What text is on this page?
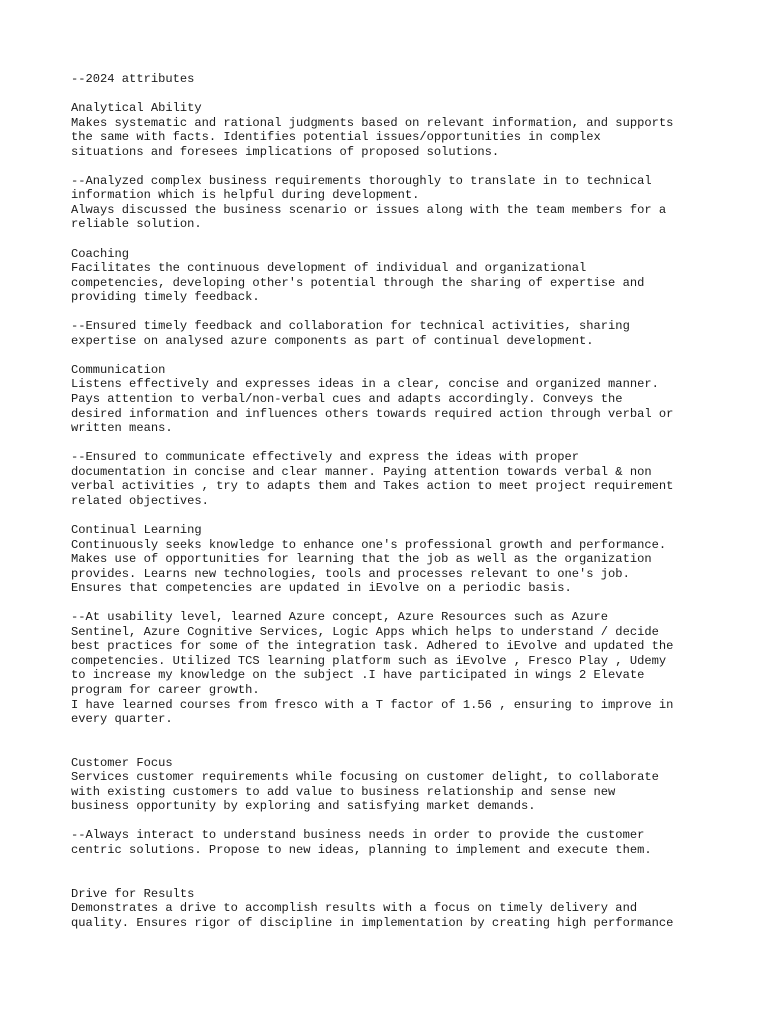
--2024 attributes

Analytical Ability
Makes systematic and rational judgments based on relevant information, and supports
the same with facts. Identifies potential issues/opportunities in complex
situations and foresees implications of proposed solutions.

--Analyzed complex business requirements thoroughly to translate in to technical
information which is helpful during development.
Always discussed the business scenario or issues along with the team members for a
reliable solution.

Coaching
Facilitates the continuous development of individual and organizational
competencies, developing other's potential through the sharing of expertise and
providing timely feedback.

--Ensured timely feedback and collaboration for technical activities, sharing
expertise on analysed azure components as part of continual development.

Communication
Listens effectively and expresses ideas in a clear, concise and organized manner.
Pays attention to verbal/non-verbal cues and adapts accordingly. Conveys the
desired information and influences others towards required action through verbal or
written means.

--Ensured to communicate effectively and express the ideas with proper
documentation in concise and clear manner. Paying attention towards verbal & non
verbal activities , try to adapts them and Takes action to meet project requirement
related objectives.

Continual Learning
Continuously seeks knowledge to enhance one's professional growth and performance.
Makes use of opportunities for learning that the job as well as the organization
provides. Learns new technologies, tools and processes relevant to one's job.
Ensures that competencies are updated in iEvolve on a periodic basis.

--At usability level, learned Azure concept, Azure Resources such as Azure
Sentinel, Azure Cognitive Services, Logic Apps which helps to understand / decide
best practices for some of the integration task. Adhered to iEvolve and updated the
competencies. Utilized TCS learning platform such as iEvolve , Fresco Play , Udemy
to increase my knowledge on the subject .I have participated in wings 2 Elevate
program for career growth.
I have learned courses from fresco with a T factor of 1.56 , ensuring to improve in
every quarter.

Customer Focus
Services customer requirements while focusing on customer delight, to collaborate
with existing customers to add value to business relationship and sense new
business opportunity by exploring and satisfying market demands.

--Always interact to understand business needs in order to provide the customer
centric solutions. Propose to new ideas, planning to implement and execute them.

Drive for Results
Demonstrates a drive to accomplish results with a focus on timely delivery and
quality. Ensures rigor of discipline in implementation by creating high performance
